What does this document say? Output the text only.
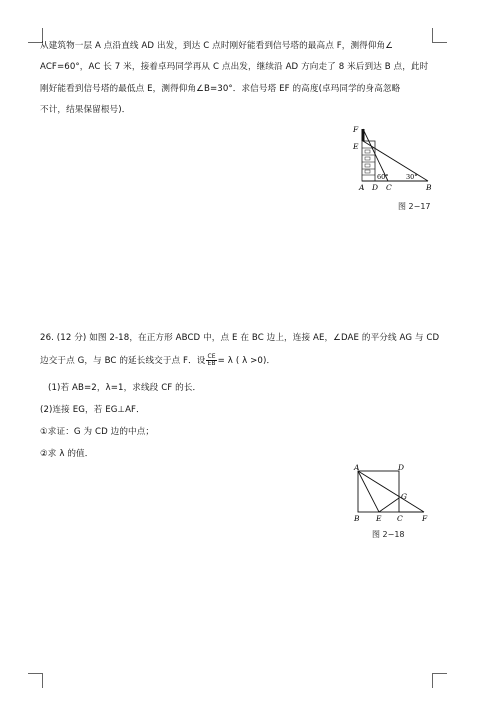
从建筑物一层 A 点沿直线 AD 出发，到达 C 点时刚好能看到信号塔的最高点 F，测得仰角∠
ACF=60°，AC 长 7 米，接着卓玛同学再从 C 点出发，继续沿 AD 方向走了 8 米后到达 B 点，此时
刚好能看到信号塔的最低点 E，测得仰角∠B=30°．求信号塔 EF 的高度(卓玛同学的身高忽略
不计，结果保留根号)．
F
E
A D C	B
60°	30°
图 2−17
26. (12 分) 如图 2-18，在正方形 ABCD 中，点 E 在 BC 边上，连接 AE，∠DAE 的平分线 AG 与 CD
边交于点 G，与 BC 的延长线交于点 F．设 $\frac{CE}{EB} = \lambda$ ( λ >0)．
(1)若 AB=2，λ=1，求线段 CF 的长．
(2)连接 EG，若 EG⊥AF．
①求证：G 为 CD 边的中点；
②求 λ 的值．
A	D
G
B E C	F
图 2−18
